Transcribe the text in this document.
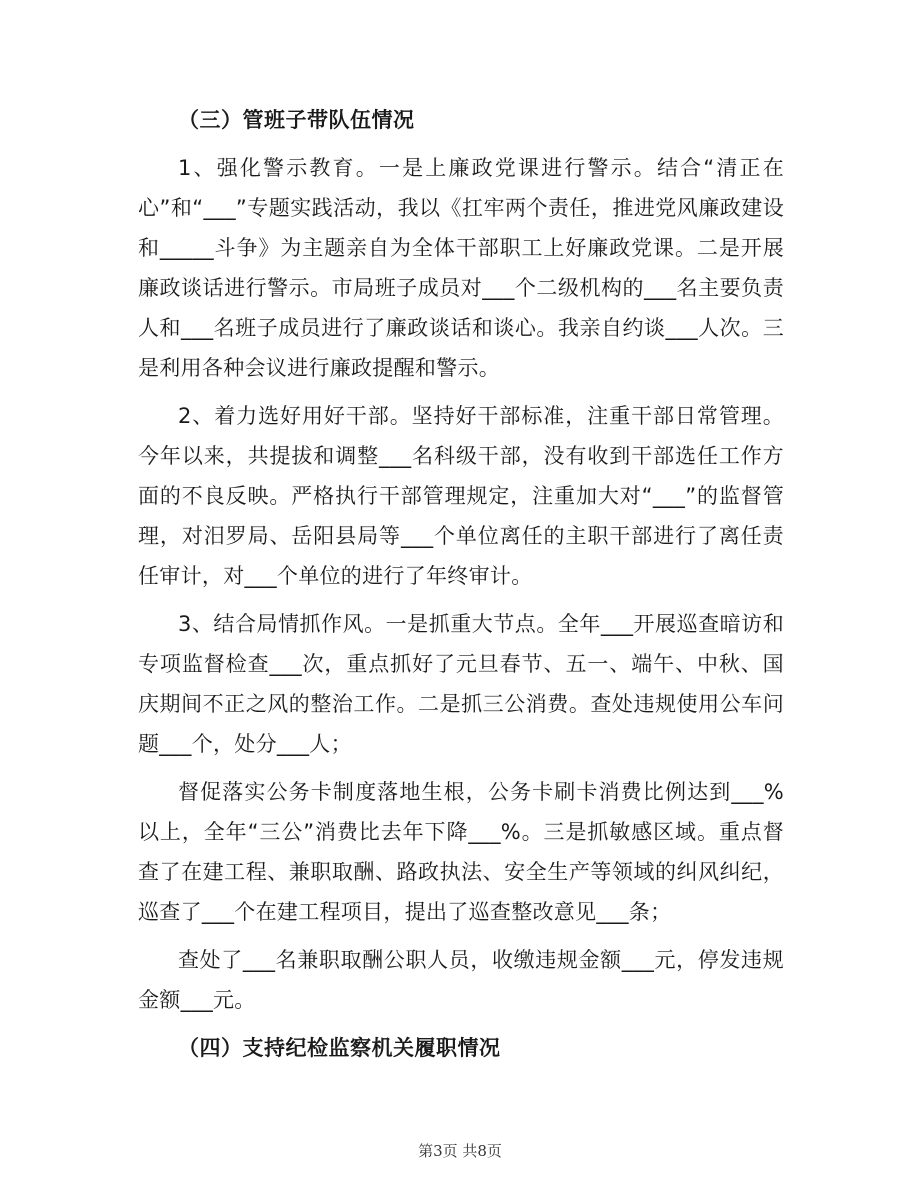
（三）管班子带队伍情况
1、强化警示教育。一是上廉政党课进行警示。结合“清正在心”和“___”专题实践活动，我以《扛牢两个责任，推进党风廉政建设和_____斗争》为主题亲自为全体干部职工上好廉政党课。二是开展廉政谈话进行警示。市局班子成员对___个二级机构的___名主要负责人和___名班子成员进行了廉政谈话和谈心。我亲自约谈___人次。三是利用各种会议进行廉政提醒和警示。
2、着力选好用好干部。坚持好干部标准，注重干部日常管理。今年以来，共提拔和调整___名科级干部，没有收到干部选任工作方面的不良反映。严格执行干部管理规定，注重加大对“___”的监督管理，对汨罗局、岳阳县局等___个单位离任的主职干部进行了离任责任审计，对___个单位的进行了年终审计。
3、结合局情抓作风。一是抓重大节点。全年___开展巡查暗访和专项监督检查___次，重点抓好了元旦春节、五一、端午、中秋、国庆期间不正之风的整治工作。二是抓三公消费。查处违规使用公车问题___个，处分___人；
督促落实公务卡制度落地生根，公务卡刷卡消费比例达到___%以上，全年“三公”消费比去年下降___%。三是抓敏感区域。重点督查了在建工程、兼职取酬、路政执法、安全生产等领域的纠风纠纪，巡查了___个在建工程项目，提出了巡查整改意见___条；
查处了___名兼职取酬公职人员，收缴违规金额___元，停发违规金额___元。
（四）支持纪检监察机关履职情况
第3页 共8页
